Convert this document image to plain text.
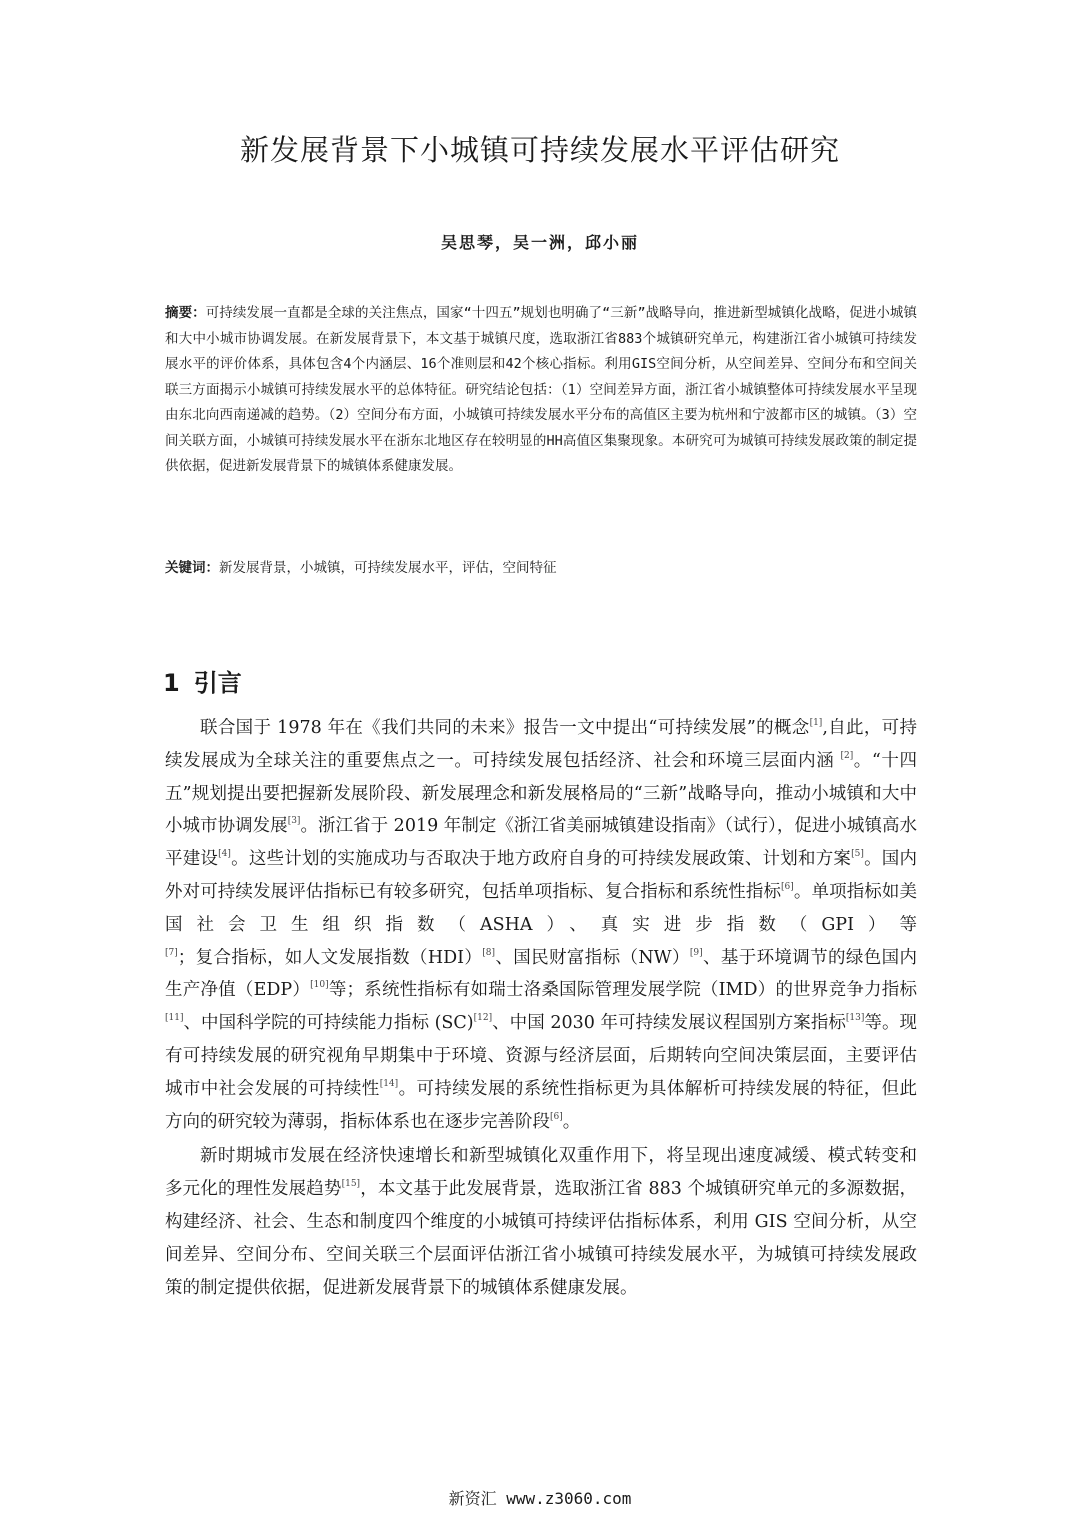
新发展背景下小城镇可持续发展水平评估研究
吴思琴，吴一洲，邱小丽
摘要：可持续发展一直都是全球的关注焦点，国家“十四五”规划也明确了“三新”战略导向，推进新型城镇化战略，促进小城镇和大中小城市协调发展。在新发展背景下，本文基于城镇尺度，选取浙江省883个城镇研究单元，构建浙江省小城镇可持续发展水平的评价体系，具体包含4个内涵层、16个准则层和42个核心指标。利用GIS空间分析，从空间差异、空间分布和空间关联三方面揭示小城镇可持续发展水平的总体特征。研究结论包括：（1）空间差异方面，浙江省小城镇整体可持续发展水平呈现由东北向西南递减的趋势。（2）空间分布方面，小城镇可持续发展水平分布的高值区主要为杭州和宁波都市区的城镇。（3）空间关联方面，小城镇可持续发展水平在浙东北地区存在较明显的HH高值区集聚现象。本研究可为城镇可持续发展政策的制定提供依据，促进新发展背景下的城镇体系健康发展。
关键词：新发展背景，小城镇，可持续发展水平，评估，空间特征
1 引言

联合国于 1978 年在《我们共同的未来》报告一文中提出“可持续发展”的概念[1],自此，可持续发展成为全球关注的重要焦点之一。可持续发展包括经济、社会和环境三层面内涵 [2]。“十四五”规划提出要把握新发展阶段、新发展理念和新发展格局的“三新”战略导向，推动小城镇和大中小城市协调发展[3]。浙江省于 2019 年制定《浙江省美丽城镇建设指南》（试行），促进小城镇高水平建设[4]。这些计划的实施成功与否取决于地方政府自身的可持续发展政策、计划和方案[5]。国内外对可持续发展评估指标已有较多研究，包括单项指标、复合指标和系统性指标[6]。单项指标如美国社会卫生组织指数（ASHA）、真实进步指数（GPI）等[7]；复合指标，如人文发展指数（HDI）[8]、国民财富指标（NW）[9]、基于环境调节的绿色国内生产净值（EDP）[10]等；系统性指标有如瑞士洛桑国际管理发展学院（IMD）的世界竞争力指标[11]、中国科学院的可持续能力指标 (SC)[12]、中国 2030 年可持续发展议程国别方案指标[13]等。现有可持续发展的研究视角早期集中于环境、资源与经济层面，后期转向空间决策层面，主要评估城市中社会发展的可持续性[14]。可持续发展的系统性指标更为具体解析可持续发展的特征，但此方向的研究较为薄弱，指标体系也在逐步完善阶段[6]。

新时期城市发展在经济快速增长和新型城镇化双重作用下，将呈现出速度减缓、模式转变和多元化的理性发展趋势[15]，本文基于此发展背景，选取浙江省 883 个城镇研究单元的多源数据，构建经济、社会、生态和制度四个维度的小城镇可持续评估指标体系，利用 GIS 空间分析，从空间差异、空间分布、空间关联三个层面评估浙江省小城镇可持续发展水平，为城镇可持续发展政策的制定提供依据，促进新发展背景下的城镇体系健康发展。

新资汇 www.z3060.com
